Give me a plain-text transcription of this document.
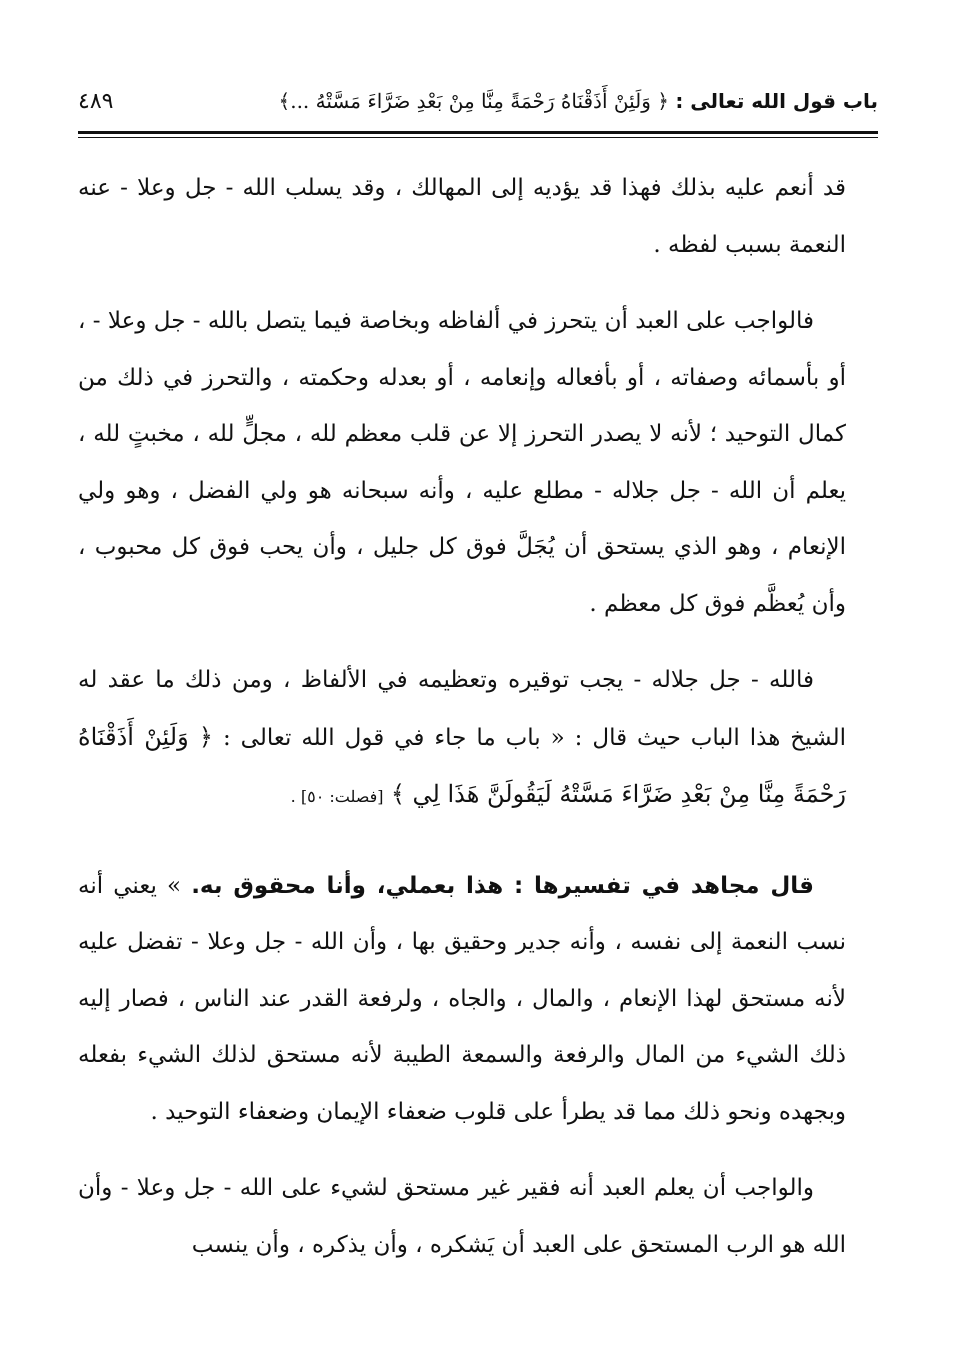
باب قول الله تعالى : ﴿ وَلَئِنْ أَذَقْنَاهُ رَحْمَةً مِنَّا مِنْ بَعْدِ ضَرَّاءَ مَسَّتْهُ ...﴾
٤٨٩

قد أنعم عليه بذلك فهذا قد يؤديه إلى المهالك ، وقد يسلب الله - جل وعلا - عنه النعمة بسبب لفظه .

فالواجب على العبد أن يتحرز في ألفاظه وبخاصة فيما يتصل بالله - جل وعلا - ، أو بأسمائه وصفاته ، أو بأفعاله وإنعامه ، أو بعدله وحكمته ، والتحرز في ذلك من كمال التوحيد ؛ لأنه لا يصدر التحرز إلا عن قلب معظم لله ، مجلٍّ لله ، مخبتٍ لله ، يعلم أن الله - جل جلاله - مطلع عليه ، وأنه سبحانه هو ولي الفضل ، وهو ولي الإنعام ، وهو الذي يستحق أن يُجَلَّ فوق كل جليل ، وأن يحب فوق كل محبوب ، وأن يُعظَّم فوق كل معظم .

فالله - جل جلاله - يجب توقيره وتعظيمه في الألفاظ ، ومن ذلك ما عقد له الشيخ هذا الباب حيث قال : « باب ما جاء في قول الله تعالى : ﴿ وَلَئِنْ أَذَقْنَاهُ رَحْمَةً مِنَّا مِنْ بَعْدِ ضَرَّاءَ مَسَّتْهُ لَيَقُولَنَّ هَذَا لِي ﴾ [فصلت: ٥٠] .

قال مجاهد في تفسيرها : هذا بعملي، وأنا محقوق به. » يعني أنه نسب النعمة إلى نفسه ، وأنه جدير وحقيق بها ، وأن الله - جل وعلا - تفضل عليه لأنه مستحق لهذا الإنعام ، والمال ، والجاه ، ولرفعة القدر عند الناس ، فصار إليه ذلك الشيء من المال والرفعة والسمعة الطيبة لأنه مستحق لذلك الشيء بفعله وبجهده ونحو ذلك مما قد يطرأ على قلوب ضعفاء الإيمان وضعفاء التوحيد .

والواجب أن يعلم العبد أنه فقير غير مستحق لشيء على الله - جل وعلا - وأن الله هو الرب المستحق على العبد أن يَشكره ، وأن يذكره ، وأن ينسب
